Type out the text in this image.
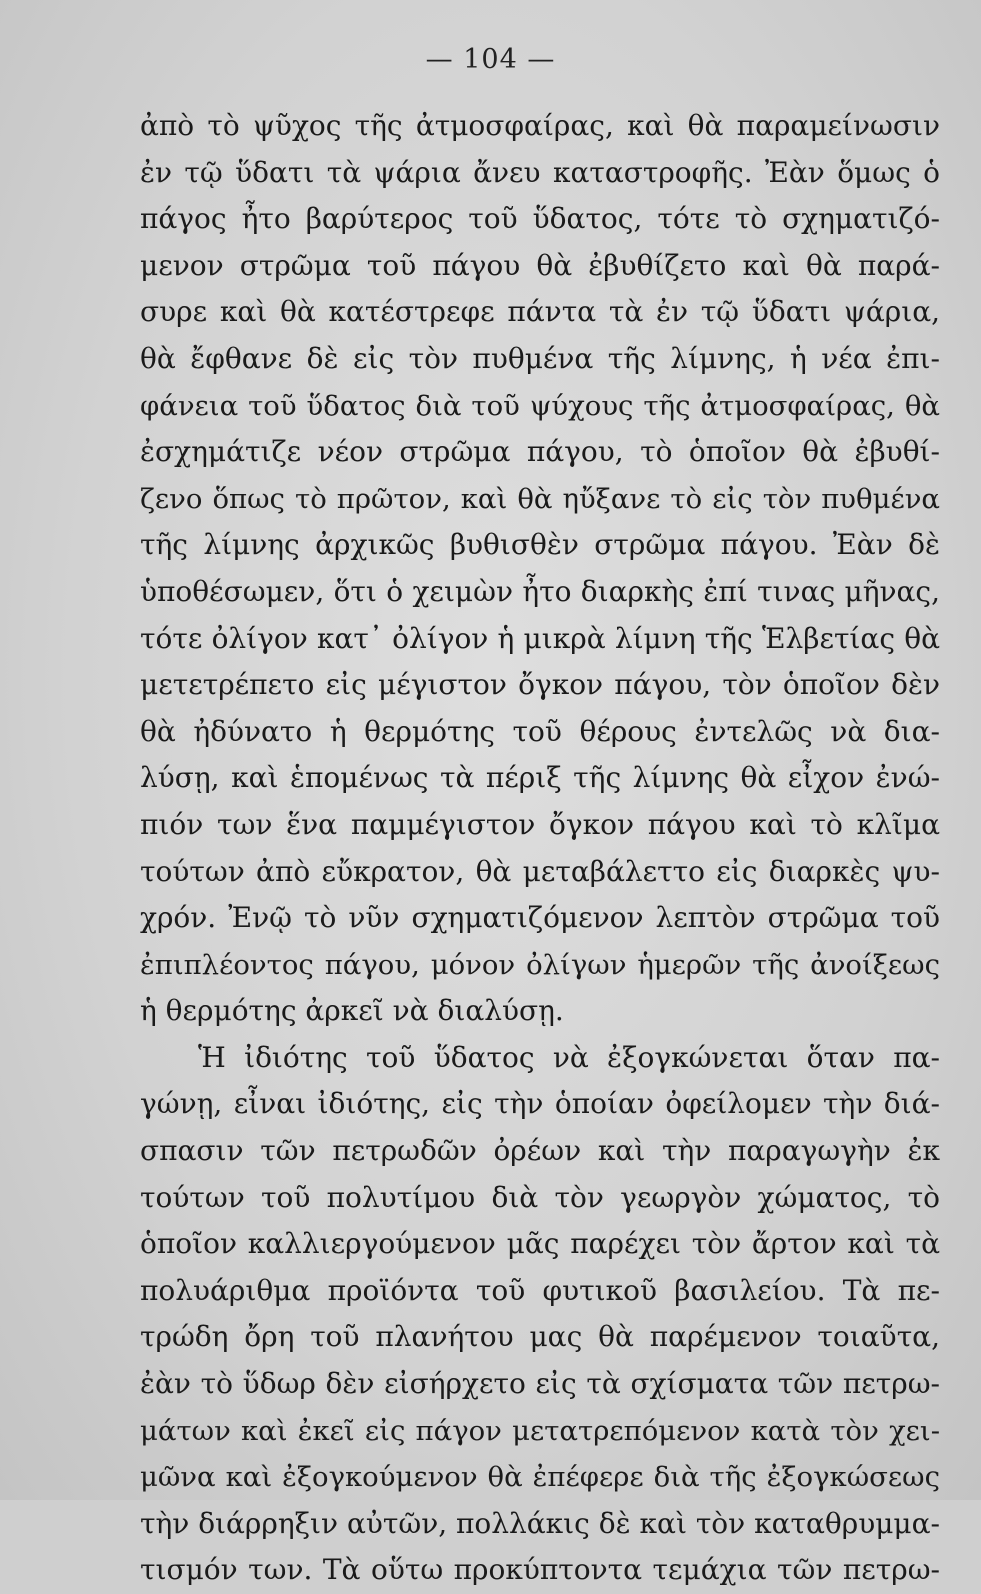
— 104 —
ἀπὸ τὸ ψῦχος τῆς ἀτμοσφαίρας, καὶ θὰ παραμείνωσιν
ἐν τῷ ὕδατι τὰ ψάρια ἄνευ καταστροφῆς. Ἐὰν ὅμως ὁ
πάγος ἦτο βαρύτερος τοῦ ὕδατος, τότε τὸ σχηματιζό-
μενον στρῶμα τοῦ πάγου θὰ ἐβυθίζετο καὶ θὰ παρά-
συρε καὶ θὰ κατέστρεφε πάντα τὰ ἐν τῷ ὕδατι ψάρια,
θὰ ἔφθανε δὲ εἰς τὸν πυθμένα τῆς λίμνης, ἡ νέα ἐπι-
φάνεια τοῦ ὕδατος διὰ τοῦ ψύχους τῆς ἀτμοσφαίρας, θὰ
ἐσχημάτιζε νέον στρῶμα πάγου, τὸ ὁποῖον θὰ ἐβυθί-
ζενο ὅπως τὸ πρῶτον, καὶ θὰ ηὔξανε τὸ εἰς τὸν πυθμένα
τῆς λίμνης ἀρχικῶς βυθισθὲν στρῶμα πάγου. Ἐὰν δὲ
ὑποθέσωμεν, ὅτι ὁ χειμὼν ἦτο διαρκὴς ἐπί τινας μῆνας,
τότε ὀλίγον κατ᾽ ὀλίγον ἡ μικρὰ λίμνη τῆς Ἑλβετίας θὰ
μετετρέπετο εἰς μέγιστον ὄγκον πάγου, τὸν ὁποῖον δὲν
θὰ ἠδύνατο ἡ θερμότης τοῦ θέρους ἐντελῶς νὰ δια-
λύσῃ, καὶ ἑπομένως τὰ πέριξ τῆς λίμνης θὰ εἶχον ἐνώ-
πιόν των ἕνα παμμέγιστον ὄγκον πάγου καὶ τὸ κλῖμα
τούτων ἀπὸ εὔκρατον, θὰ μεταβάλεττο εἰς διαρκὲς ψυ-
χρόν. Ἐνῷ τὸ νῦν σχηματιζόμενον λεπτὸν στρῶμα τοῦ
ἐπιπλέοντος πάγου, μόνον ὀλίγων ἡμερῶν τῆς ἀνοίξεως
ἡ θερμότης ἀρκεῖ νὰ διαλύσῃ.
Ἡ ἰδιότης τοῦ ὕδατος νὰ ἐξογκώνεται ὅταν πα-
γώνῃ, εἶναι ἰδιότης, εἰς τὴν ὁποίαν ὀφείλομεν τὴν διά-
σπασιν τῶν πετρωδῶν ὀρέων καὶ τὴν παραγωγὴν ἐκ
τούτων τοῦ πολυτίμου διὰ τὸν γεωργὸν χώματος, τὸ
ὁποῖον καλλιεργούμενον μᾶς παρέχει τὸν ἄρτον καὶ τὰ
πολυάριθμα προϊόντα τοῦ φυτικοῦ βασιλείου. Τὰ πε-
τρώδη ὄρη τοῦ πλανήτου μας θὰ παρέμενον τοιαῦτα,
ἐὰν τὸ ὕδωρ δὲν εἰσήρχετο εἰς τὰ σχίσματα τῶν πετρω-
μάτων καὶ ἐκεῖ εἰς πάγον μετατρεπόμενον κατὰ τὸν χει-
μῶνα καὶ ἐξογκούμενον θὰ ἐπέφερε διὰ τῆς ἐξογκώσεως
τὴν διάρρηξιν αὐτῶν, πολλάκις δὲ καὶ τὸν καταθρυμμα-
τισμόν των. Τὰ οὕτω προκύπτοντα τεμάχια τῶν πετρω-
